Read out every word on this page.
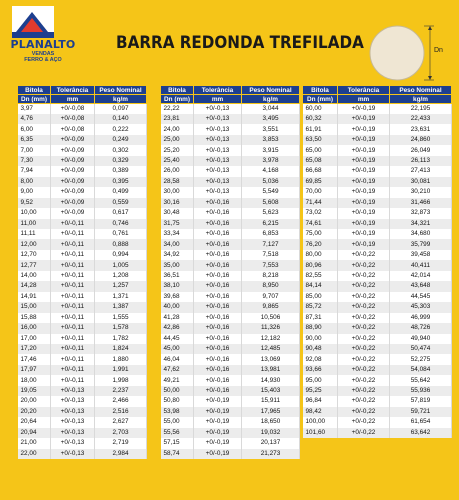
PLANALTO
VENDAS
FERRO & AÇO
BARRA REDONDA TREFILADA	Dn
Bitola	Tolerância	Peso Nominal
Dn (mm)	mm	kg/m
3,97	+0/-0,08	0,097
4,76	+0/-0,08	0,140
6,00	+0/-0,08	0,222
6,35	+0/-0,09	0,249
7,00	+0/-0,09	0,302
7,30	+0/-0,09	0,329
7,94	+0/-0,09	0,389
8,00	+0/-0,09	0,395
9,00	+0/-0,09	0,499
9,52	+0/-0,09	0,559
10,00	+0/-0,09	0,617
11,00	+0/-0,11	0,746
11,11	+0/-0,11	0,761
12,00	+0/-0,11	0,888
12,70	+0/-0,11	0,994
12,77	+0/-0,11	1,005
14,00	+0/-0,11	1,208
14,28	+0/-0,11	1,257
14,91	+0/-0,11	1,371
15,00	+0/-0,11	1,387
15,88	+0/-0,11	1,555
16,00	+0/-0,11	1,578
17,00	+0/-0,11	1,782
17,20	+0/-0,11	1,824
17,46	+0/-0,11	1,880
17,97	+0/-0,11	1,991
18,00	+0/-0,11	1,998
19,05	+0/-0,13	2,237
20,00	+0/-0,13	2,466
20,20	+0/-0,13	2,516
20,64	+0/-0,13	2,627
20,94	+0/-0,13	2,703
21,00	+0/-0,13	2,719
22,00	+0/-0,13	2,984
Bitola	Tolerância	Peso Nominal
Dn (mm)	mm	kg/m
22,22	+0/-0,13	3,044
23,81	+0/-0,13	3,495
24,00	+0/-0,13	3,551
25,00	+0/-0,13	3,853
25,20	+0/-0,13	3,915
25,40	+0/-0,13	3,978
26,00	+0/-0,13	4,168
28,58	+0/-0,13	5,036
30,00	+0/-0,13	5,549
30,16	+0/-0,16	5,608
30,48	+0/-0,16	5,623
31,75	+0/-0,16	6,215
33,34	+0/-0,16	6,853
34,00	+0/-0,16	7,127
34,92	+0/-0,16	7,518
35,00	+0/-0,16	7,553
36,51	+0/-0,16	8,218
38,10	+0/-0,16	8,950
39,68	+0/-0,16	9,707
40,00	+0/-0,16	9,865
41,28	+0/-0,16	10,506
42,86	+0/-0,16	11,326
44,45	+0/-0,16	12,182
45,00	+0/-0,16	12,485
46,04	+0/-0,16	13,069
47,62	+0/-0,16	13,981
49,21	+0/-0,16	14,930
50,00	+0/-0,16	15,403
50,80	+0/-0,19	15,911
53,98	+0/-0,19	17,965
55,00	+0/-0,19	18,650
55,56	+0/-0,19	19,032
57,15	+0/-0,19	20,137
58,74	+0/-0,19	21,273
Bitola	Tolerância	Peso Nominal
Dn (mm)	mm	kg/m
60,00	+0/-0,19	22,195
60,32	+0/-0,19	22,433
61,91	+0/-0,19	23,631
63,50	+0/-0,19	24,860
65,00	+0/-0,19	26,049
65,08	+0/-0,19	26,113
66,68	+0/-0,19	27,413
69,85	+0/-0,19	30,081
70,00	+0/-0,19	30,210
71,44	+0/-0,19	31,466
73,02	+0/-0,19	32,873
74,61	+0/-0,19	34,321
75,00	+0/-0,19	34,680
76,20	+0/-0,19	35,799
80,00	+0/-0,22	39,458
80,96	+0/-0,22	40,411
82,55	+0/-0,22	42,014
84,14	+0/-0,22	43,648
85,00	+0/-0,22	44,545
85,72	+0/-0,22	45,303
87,31	+0/-0,22	46,999
88,90	+0/-0,22	48,726
90,00	+0/-0,22	49,940
90,48	+0/-0,22	50,474
92,08	+0/-0,22	52,275
93,66	+0/-0,22	54,084
95,00	+0/-0,22	55,642
95,25	+0/-0,22	55,936
96,84	+0/-0,22	57,819
98,42	+0/-0,22	59,721
100,00	+0/-0,22	61,654
101,60	+0/-0,22	63,642
